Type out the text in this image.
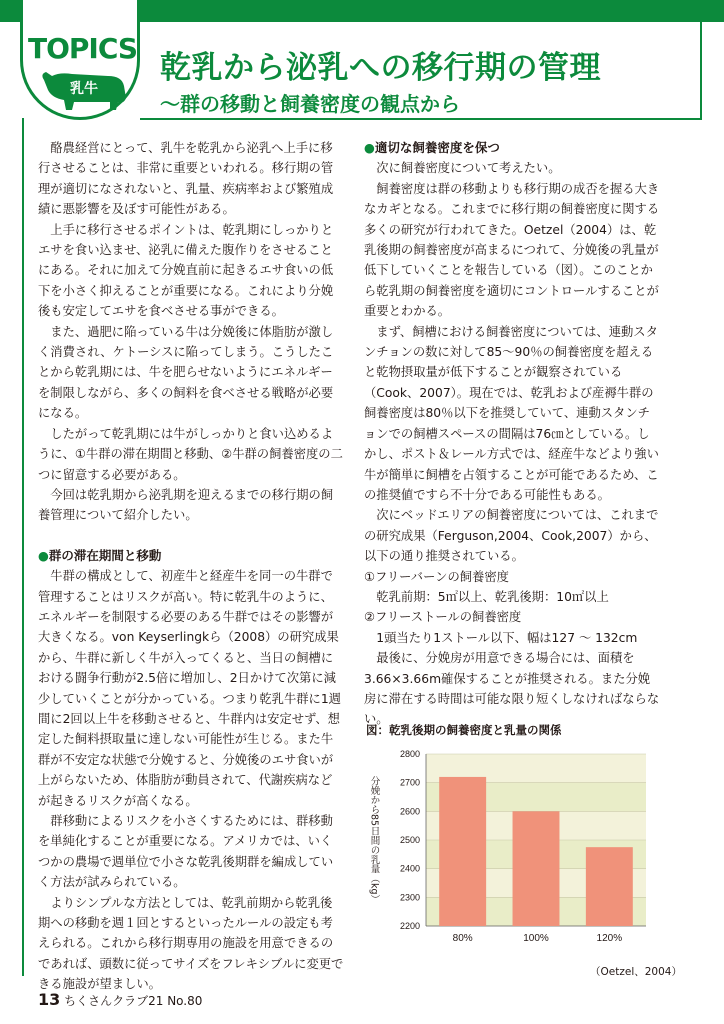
TOPICS
乳牛
乾乳から泌乳への移行期の管理
〜群の移動と飼養密度の観点から

酪農経営にとって、乳牛を乾乳から泌乳へ上手に移行させることは、非常に重要といわれる。移行期の管理が適切になされないと、乳量、疾病率および繁殖成績に悪影響を及ぼす可能性がある。

上手に移行させるポイントは、乾乳期にしっかりとエサを食い込ませ、泌乳に備えた腹作りをさせることにある。それに加えて分娩直前に起きるエサ食いの低下を小さく抑えることが重要になる。これにより分娩後も安定してエサを食べさせる事ができる。

また、過肥に陥っている牛は分娩後に体脂肪が激しく消費され、ケトーシスに陥ってしまう。こうしたことから乾乳期には、牛を肥らせないようにエネルギーを制限しながら、多くの飼料を食べさせる戦略が必要になる。

したがって乾乳期には牛がしっかりと食い込めるように、①牛群の滞在期間と移動、②牛群の飼養密度の二つに留意する必要がある。

今回は乾乳期から泌乳期を迎えるまでの移行期の飼養管理について紹介したい。

●群の滞在期間と移動

牛群の構成として、初産牛と経産牛を同一の牛群で管理することはリスクが高い。特に乾乳牛のように、エネルギーを制限する必要のある牛群ではその影響が大きくなる。von Keyserlingkら（2008）の研究成果から、牛群に新しく牛が入ってくると、当日の飼槽における闘争行動が2.5倍に増加し、2日かけて次第に減少していくことが分かっている。つまり乾乳牛群に1週間に2回以上牛を移動させると、牛群内は安定せず、想定した飼料摂取量に達しない可能性が生じる。また牛群が不安定な状態で分娩すると、分娩後のエサ食いが上がらないため、体脂肪が動員されて、代謝疾病などが起きるリスクが高くなる。

群移動によるリスクを小さくするためには、群移動を単純化することが重要になる。アメリカでは、いくつかの農場で週単位で小さな乾乳後期群を編成していく方法が試みられている。

よりシンプルな方法としては、乾乳前期から乾乳後期への移動を週１回とするといったルールの設定も考えられる。これから移行期専用の施設を用意できるのであれば、頭数に従ってサイズをフレキシブルに変更できる施設が望ましい。

●適切な飼養密度を保つ

次に飼養密度について考えたい。

飼養密度は群の移動よりも移行期の成否を握る大きなカギとなる。これまでに移行期の飼養密度に関する多くの研究が行われてきた。Oetzel（2004）は、乾乳後期の飼養密度が高まるにつれて、分娩後の乳量が低下していくことを報告している（図）。このことから乾乳期の飼養密度を適切にコントロールすることが重要とわかる。

まず、飼槽における飼養密度については、連動スタンチョンの数に対して85～90％の飼養密度を超えると乾物摂取量が低下することが観察されている（Cook、2007）。現在では、乾乳および産褥牛群の飼養密度は80％以下を推奨していて、連動スタンチョンでの飼槽スペースの間隔は76㎝としている。しかし、ポスト＆レール方式では、経産牛などより強い牛が簡単に飼槽を占領することが可能であるため、この推奨値ですら不十分である可能性もある。

次にベッドエリアの飼養密度については、これまでの研究成果（Ferguson,2004、Cook,2007）から、以下の通り推奨されている。

①フリーバーンの飼養密度

乾乳前期：5㎡以上、乾乳後期：10㎡以上

②フリーストールの飼養密度

1頭当たり1ストール以下、幅は127 ～ 132cm

最後に、分娩房が用意できる場合には、面積を3.66×3.66m確保することが推奨される。また分娩房に滞在する時間は可能な限り短くしなければならない。

図：乾乳後期の飼養密度と乳量の関係
2800
2700
2600
2500
2400
2300
2200
80%	100%	120%
分娩から85日間の乳量（kg）
（Oetzel、2004）
13 ちくさんクラブ21 No.80
